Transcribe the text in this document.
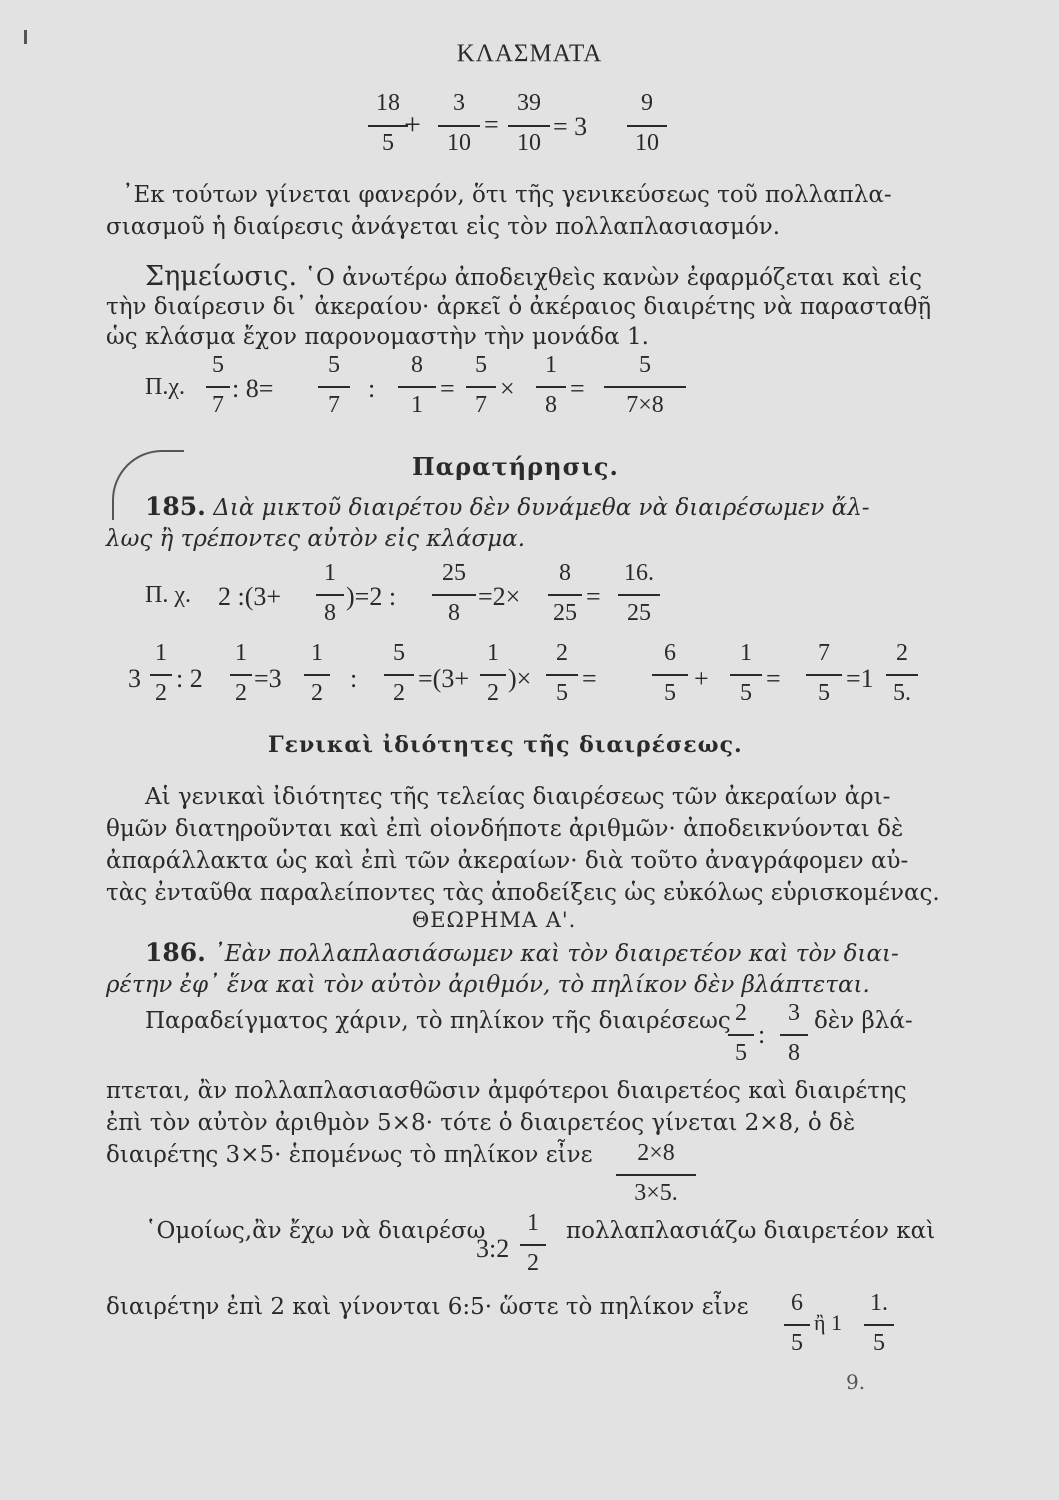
ΚΛΑΣΜΑΤΑ
18
5
+
3
10
=
39
10
= 3
9
10
᾿Εκ τούτων γίνεται φανερόν, ὅτι τῆς γενικεύσεως τοῦ πολλαπλα-
σιασμοῦ ἡ διαίρεσις ἀνάγεται εἰς τὸν πολλαπλασιασμόν.
Σημείωσις. ῾Ο ἀνωτέρω ἀποδειχθεὶς κανὼν ἐφαρμόζεται καὶ εἰς
τὴν διαίρεσιν δι᾿ ἀκεραίου· ἀρκεῖ ὁ ἀκέραιος διαιρέτης νὰ παρασταθῇ
ὡς κλάσμα ἔχον παρονομαστὴν τὴν μονάδα 1.
Π.χ.
5
7
: 8=
5
7
:
8
1
=
5
7
×
1
8
=
5
7×8
Παρατήρησις.
185. Διὰ μικτοῦ διαιρέτου δὲν δυνάμεθα νὰ διαιρέσωμεν ἄλ-
λως ἢ τρέποντες αὐτὸν εἰς κλάσμα.
Π. χ. 2 :(3+
1
8
)=2 :
25
8
=2×
8
25
=
16.
25
3
1
2 : 2
1
2 =3
1
2 :
5
2 =(3+
1
2 )×
2
5 =
6
5 +
1
5 =
7
5 =1
2
5.
Γενικαὶ ἰδιότητες τῆς διαιρέσεως.
Αἱ γενικαὶ ἰδιότητες τῆς τελείας διαιρέσεως τῶν ἀκεραίων ἀρι-
θμῶν διατηροῦνται καὶ ἐπὶ οἱονδήποτε ἀριθμῶν· ἀποδεικνύονται δὲ
ἀπαράλλακτα ὡς καὶ ἐπὶ τῶν ἀκεραίων· διὰ τοῦτο ἀναγράφομεν αὐ-
τὰς ἐνταῦθα παραλείποντες τὰς ἀποδείξεις ὡς εὐκόλως εὑρισκομένας.
ΘΕΩΡΗΜΑ Α'.
186. ᾿Εὰν πολλαπλασιάσωμεν καὶ τὸν διαιρετέον καὶ τὸν διαι-
ρέτην ἐφ᾿ ἕνα καὶ τὸν αὐτὸν ἀριθμόν, τὸ πηλίκον δὲν βλάπτεται.
Παραδείγματος χάριν, τὸ πηλίκον τῆς διαιρέσεως 2
5
:
3
8
δὲν βλά-
πτεται, ἂν πολλαπλασιασθῶσιν ἀμφότεροι διαιρετέος καὶ διαιρέτης
ἐπὶ τὸν αὐτὸν ἀριθμὸν 5×8· τότε ὁ διαιρετέος γίνεται 2×8, ὁ δὲ
διαιρέτης 3×5· ἑπομένως τὸ πηλίκον εἶνε	2×8
3×5.
῾Ομοίως,ἂν ἔχω νὰ διαιρέσω
3:2
1
2
πολλαπλασιάζω διαιρετέον καὶ
διαιρέτην ἐπὶ 2 καὶ γίνονται 6:5· ὥστε τὸ πηλίκον εἶνε 6
5
ἢ 1
1.
5
9.
